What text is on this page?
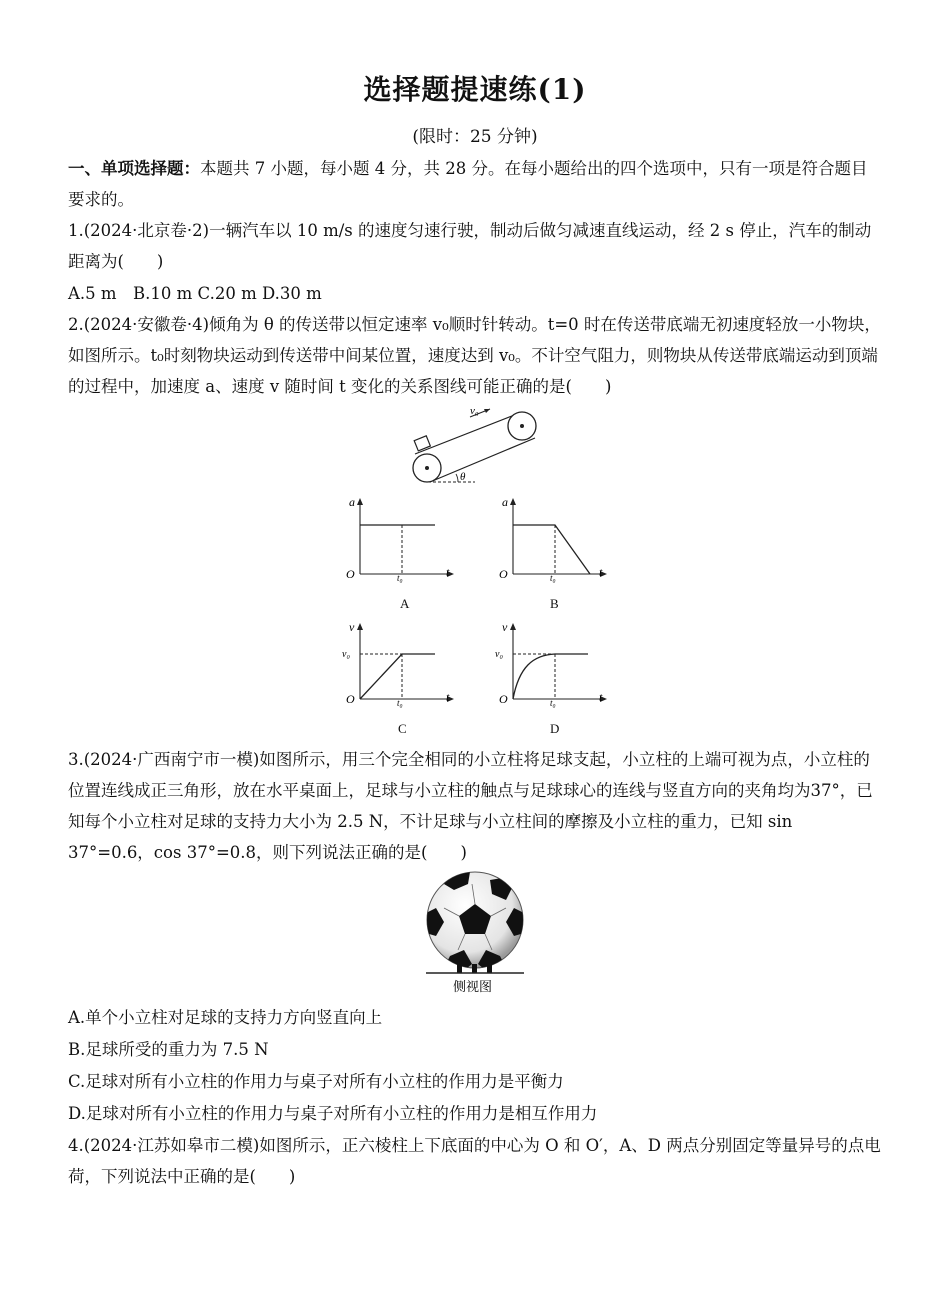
选择题提速练(1)
(限时：25 分钟)
一、单项选择题：本题共 7 小题，每小题 4 分，共 28 分。在每小题给出的四个选项中，只有一项是符合题目要求的。
1.(2024·北京卷·2)一辆汽车以 10 m/s 的速度匀速行驶，制动后做匀减速直线运动，经 2 s 停止，汽车的制动距离为(　　)
A.5 m　B.10 m C.20 m D.30 m
2.(2024·安徽卷·4)倾角为 θ 的传送带以恒定速率 v₀顺时针转动。t=0 时在传送带底端无初速度轻放一小物块，如图所示。t₀时刻物块运动到传送带中间某位置，速度达到 v₀。不计空气阻力，则物块从传送带底端运动到顶端的过程中，加速度 a、速度 v 随时间 t 变化的关系图线可能正确的是(　　)
v₀
θ
a
t
O	t₀
A
a
t
O	t₀
B
v
v₀
t
O	t₀
C
v
v₀
t
O	t₀
D
3.(2024·广西南宁市一模)如图所示，用三个完全相同的小立柱将足球支起，小立柱的上端可视为点，小立柱的位置连线成正三角形，放在水平桌面上，足球与小立柱的触点与足球球心的连线与竖直方向的夹角均为37°，已知每个小立柱对足球的支持力大小为 2.5 N，不计足球与小立柱间的摩擦及小立柱的重力，已知 sin 37°=0.6，cos 37°=0.8，则下列说法正确的是(　　)
侧视图
A.单个小立柱对足球的支持力方向竖直向上
B.足球所受的重力为 7.5 N
C.足球对所有小立柱的作用力与桌子对所有小立柱的作用力是平衡力
D.足球对所有小立柱的作用力与桌子对所有小立柱的作用力是相互作用力
4.(2024·江苏如皋市二模)如图所示，正六棱柱上下底面的中心为 O 和 O′，A、D 两点分别固定等量异号的点电荷，下列说法中正确的是(　　)
